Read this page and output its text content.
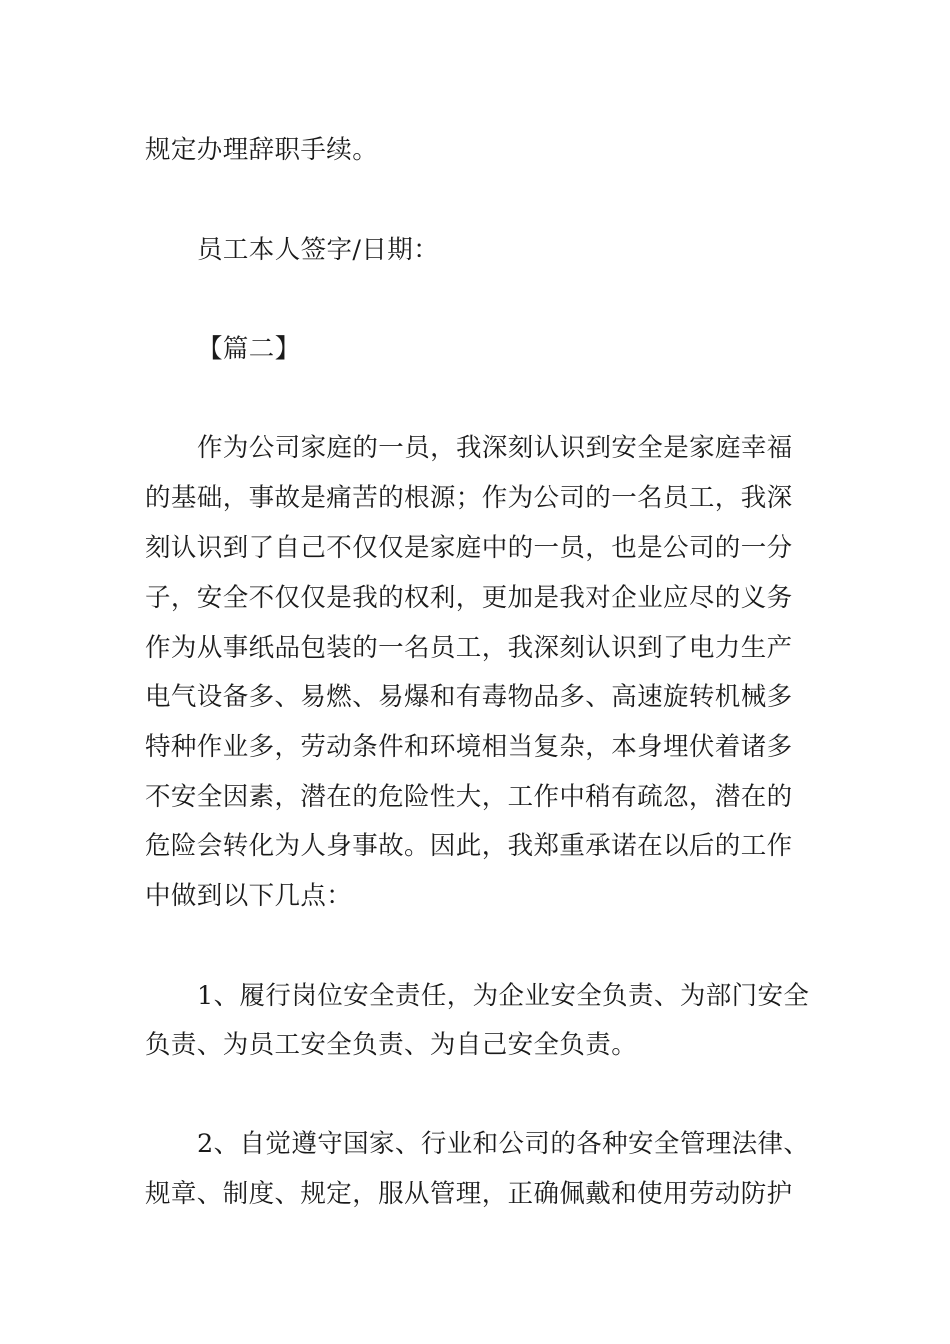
规定办理辞职手续。
员工本人签字/日期：
【篇二】
作为公司家庭的一员，我深刻认识到安全是家庭幸福
的基础，事故是痛苦的根源；作为公司的一名员工，我深
刻认识到了自己不仅仅是家庭中的一员，也是公司的一分
子，安全不仅仅是我的权利，更加是我对企业应尽的义务
作为从事纸品包装的一名员工，我深刻认识到了电力生产
电气设备多、易燃、易爆和有毒物品多、高速旋转机械多
特种作业多，劳动条件和环境相当复杂，本身埋伏着诸多
不安全因素，潜在的危险性大，工作中稍有疏忽，潜在的
危险会转化为人身事故。因此，我郑重承诺在以后的工作
中做到以下几点：
1、履行岗位安全责任，为企业安全负责、为部门安全
负责、为员工安全负责、为自己安全负责。
2、自觉遵守国家、行业和公司的各种安全管理法律、
规章、制度、规定，服从管理，正确佩戴和使用劳动防护
